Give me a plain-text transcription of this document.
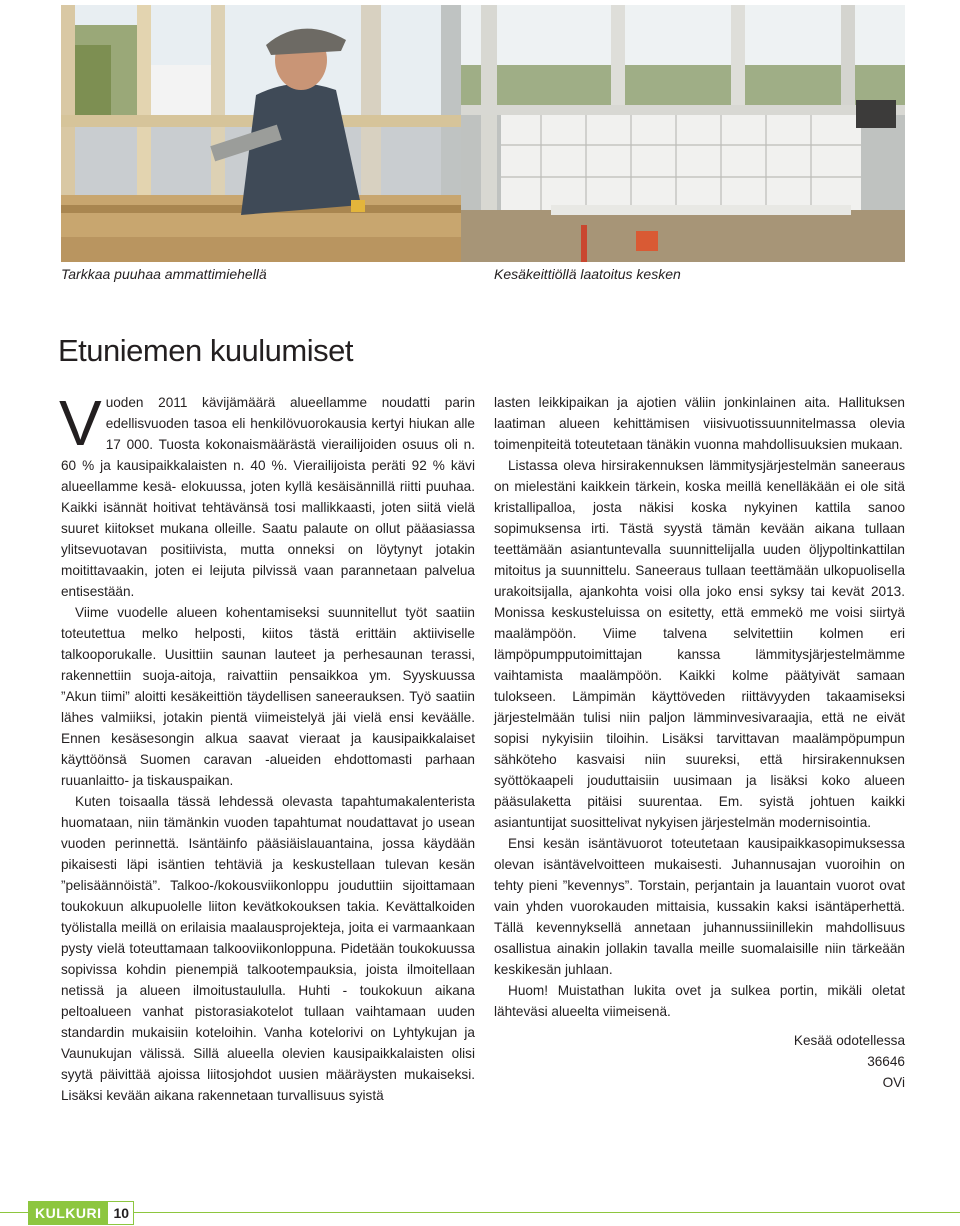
Tarkkaa puuhaa ammattimiehellä	Kesäkeittiöllä laatoitus kesken
Etuniemen kuulumiset

Vuoden 2011 kävijämäärä alueellamme noudatti parin edellisvuoden tasoa eli henkilövuorokausia kertyi hiukan alle 17 000. Tuosta kokonaismäärästä vierailijoiden osuus oli n. 60 % ja kausipaikkalaisten n. 40 %. Vierailijoista peräti 92 % kävi alueellamme kesä- elokuussa, joten kyllä kesäisännillä riitti puuhaa. Kaikki isännät hoitivat tehtävänsä tosi mallikkaasti, joten siitä vielä suuret kiitokset mukana olleille. Saatu palaute on ollut pääasiassa ylitsevuotavan positiivista, mutta onneksi on löytynyt jotakin moitittavaakin, joten ei leijuta pilvissä vaan parannetaan palvelua entisestään.

Viime vuodelle alueen kohentamiseksi suunnitellut työt saatiin toteutettua melko helposti, kiitos tästä erittäin aktiiviselle talkooporukalle. Uusittiin saunan lauteet ja perhesaunan terassi, rakennettiin suoja-aitoja, raivattiin pensaikkoa ym. Syyskuussa ”Akun tiimi” aloitti kesäkeittiön täydellisen saneerauksen. Työ saatiin lähes valmiiksi, jotakin pientä viimeistelyä jäi vielä ensi keväälle. Ennen kesäsesongin alkua saavat vieraat ja kausipaikkalaiset käyttöönsä Suomen caravan -alueiden ehdottomasti parhaan ruuanlaitto- ja tiskauspaikan.

Kuten toisaalla tässä lehdessä olevasta tapahtumakalenterista huomataan, niin tämänkin vuoden tapahtumat noudattavat jo usean vuoden perinnettä. Isäntäinfo pääsiäislauantaina, jossa käydään pikaisesti läpi isäntien tehtäviä ja keskustellaan tulevan kesän ”pelisäännöistä”. Talkoo-/kokousviikonloppu jouduttiin sijoittamaan toukokuun alkupuolelle liiton kevätkokouksen takia. Kevättalkoiden työlistalla meillä on erilaisia maalausprojekteja, joita ei varmaankaan pysty vielä toteuttamaan talkooviikonloppuna. Pidetään toukokuussa sopivissa kohdin pienempiä talkootempauksia, joista ilmoitellaan netissä ja alueen ilmoitustaululla. Huhti - toukokuun aikana peltoalueen vanhat pistorasiakotelot tullaan vaihtamaan uuden standardin mukaisiin koteloihin. Vanha kotelorivi on Lyhtykujan ja Vaunukujan välissä. Sillä alueella olevien kausipaikkalaisten olisi syytä päivittää ajoissa liitosjohdot uusien määräysten mukaiseksi. Lisäksi kevään aikana rakennetaan turvallisuus syistä

lasten leikkipaikan ja ajotien väliin jonkinlainen aita. Hallituksen laatiman alueen kehittämisen viisivuotissuunnitelmassa olevia toimenpiteitä toteutetaan tänäkin vuonna mahdollisuuksien mukaan.

Listassa oleva hirsirakennuksen lämmitysjärjestelmän saneeraus on mielestäni kaikkein tärkein, koska meillä kenelläkään ei ole sitä kristallipalloa, josta näkisi koska nykyinen kattila sanoo sopimuksensa irti. Tästä syystä tämän kevään aikana tullaan teettämään asiantuntevalla suunnittelijalla uuden öljypoltinkattilan mitoitus ja suunnittelu. Saneeraus tullaan teettämään ulkopuolisella urakoitsijalla, ajankohta voisi olla joko ensi syksy tai kevät 2013. Monissa keskusteluissa on esitetty, että emmekö me voisi siirtyä maalämpöön. Viime talvena selvitettiin kolmen eri lämpöpumpputoimittajan kanssa lämmitysjärjestelmämme vaihtamista maalämpöön. Kaikki kolme päätyivät samaan tulokseen. Lämpimän käyttöveden riittävyyden takaamiseksi järjestelmään tulisi niin paljon lämminvesivaraajia, että ne eivät sopisi nykyisiin tiloihin. Lisäksi tarvittavan maalämpöpumpun sähköteho kasvaisi niin suureksi, että hirsirakennuksen syöttökaapeli jouduttaisiin uusimaan ja lisäksi koko alueen pääsulaketta pitäisi suurentaa. Em. syistä johtuen kaikki asiantuntijat suosittelivat nykyisen järjestelmän modernisointia.

Ensi kesän isäntävuorot toteutetaan kausipaikkasopimuksessa olevan isäntävelvoitteen mukaisesti. Juhannusajan vuoroihin on tehty pieni ”kevennys”. Torstain, perjantain ja lauantain vuorot ovat vain yhden vuorokauden mittaisia, kussakin kaksi isäntäperhettä. Tällä kevennyksellä annetaan juhannussiinillekin mahdollisuus osallistua ainakin jollakin tavalla meille suomalaisille niin tärkeään keskikesän juhlaan.

Huom! Muistathan lukita ovet ja sulkea portin, mikäli oletat lähteväsi alueelta viimeisenä.

Kesää odotellessa

36646

OVi

KULKURI 10
